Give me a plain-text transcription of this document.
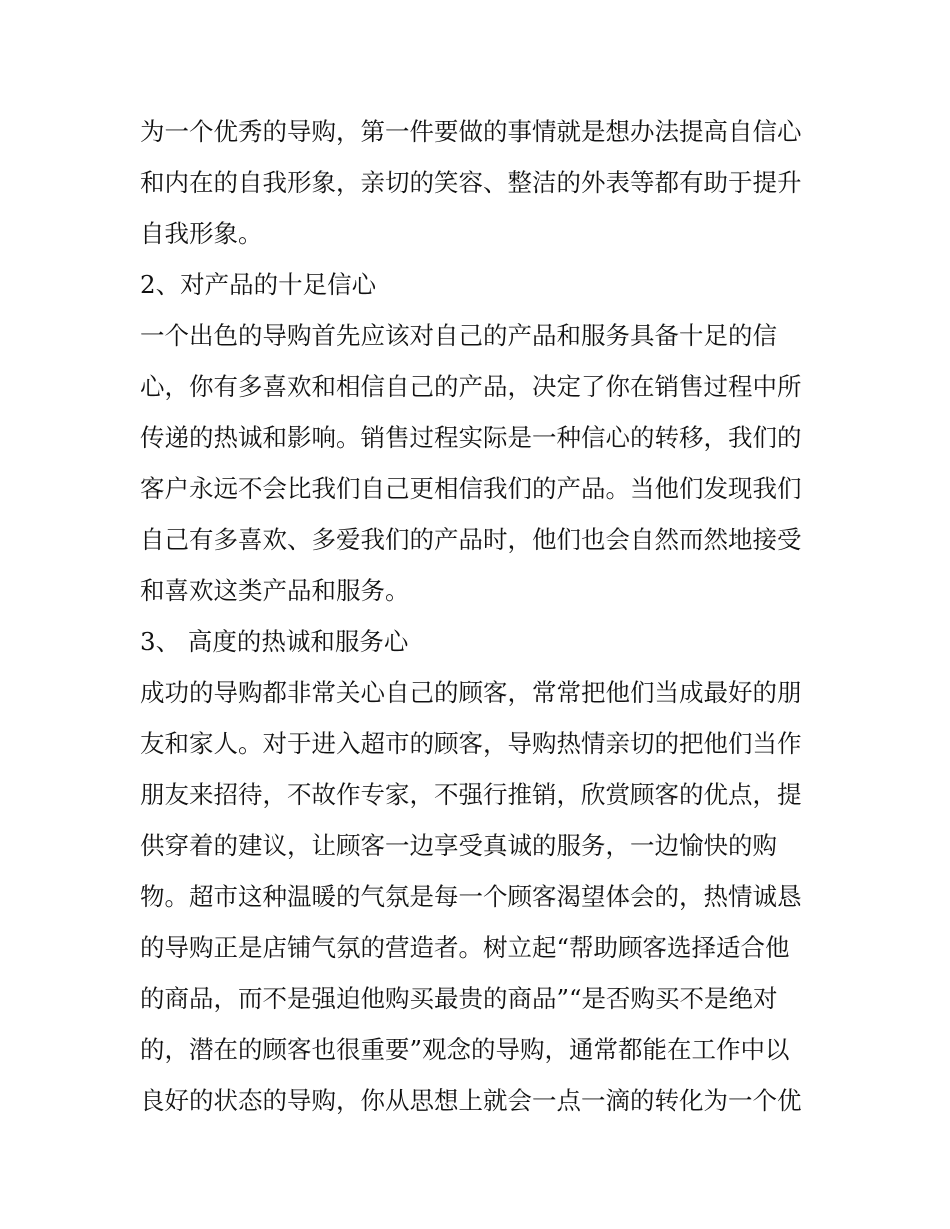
为一个优秀的导购，第一件要做的事情就是想办法提高自信心
和内在的自我形象，亲切的笑容、整洁的外表等都有助于提升
自我形象。
2、对产品的十足信心
一个出色的导购首先应该对自己的产品和服务具备十足的信
心，你有多喜欢和相信自己的产品，决定了你在销售过程中所
传递的热诚和影响。销售过程实际是一种信心的转移，我们的
客户永远不会比我们自己更相信我们的产品。当他们发现我们
自己有多喜欢、多爱我们的产品时，他们也会自然而然地接受
和喜欢这类产品和服务。
3、 高度的热诚和服务心
成功的导购都非常关心自己的顾客，常常把他们当成最好的朋
友和家人。对于进入超市的顾客，导购热情亲切的把他们当作
朋友来招待，不故作专家，不强行推销，欣赏顾客的优点，提
供穿着的建议，让顾客一边享受真诚的服务，一边愉快的购
物。超市这种温暖的气氛是每一个顾客渴望体会的，热情诚恳
的导购正是店铺气氛的营造者。树立起“帮助顾客选择适合他
的商品，而不是强迫他购买最贵的商品”“是否购买不是绝对
的，潜在的顾客也很重要”观念的导购，通常都能在工作中以
良好的状态的导购，你从思想上就会一点一滴的转化为一个优
